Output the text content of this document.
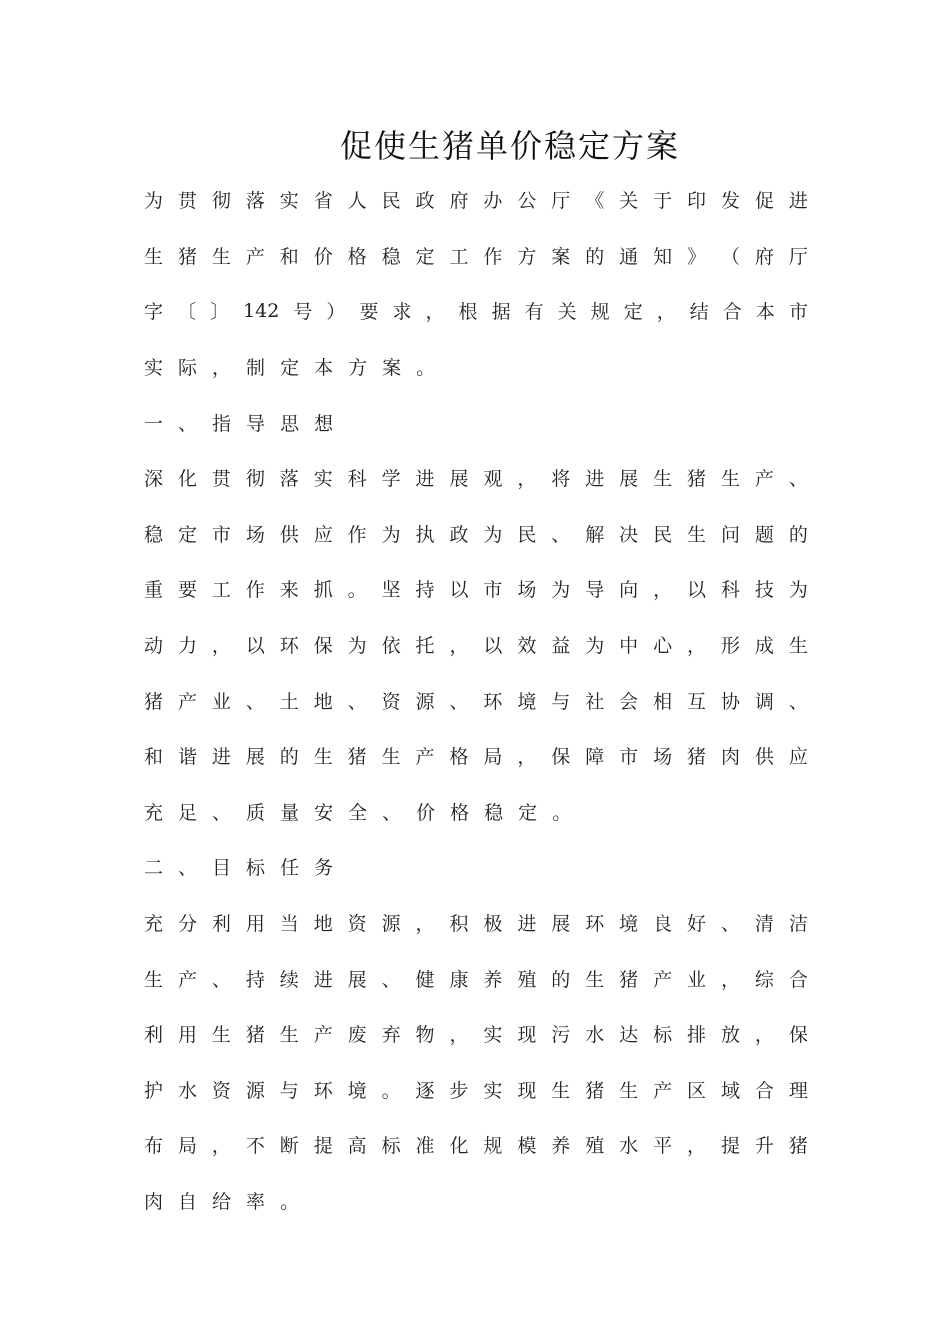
促使生猪单价稳定方案
为 贯 彻 落 实 省 人 民 政 府 办 公 厅 《 关 于 印 发 促 进
生 猪 生 产 和 价 格 稳 定 工 作 方 案 的 通 知 》 （ 府 厅
字 〔 〕 142 号 ） 要 求 ， 根 据 有 关 规 定 ， 结 合 本 市
实 际 ， 制 定 本 方 案 。
一 、 指 导 思 想
深 化 贯 彻 落 实 科 学 进 展 观 ， 将 进 展 生 猪 生 产 、
稳 定 市 场 供 应 作 为 执 政 为 民 、 解 决 民 生 问 题 的
重 要 工 作 来 抓 。 坚 持 以 市 场 为 导 向 ， 以 科 技 为
动 力 ， 以 环 保 为 依 托 ， 以 效 益 为 中 心 ， 形 成 生
猪 产 业 、 土 地 、 资 源 、 环 境 与 社 会 相 互 协 调 、
和 谐 进 展 的 生 猪 生 产 格 局 ， 保 障 市 场 猪 肉 供 应
充 足 、 质 量 安 全 、 价 格 稳 定 。
二 、 目 标 任 务
充 分 利 用 当 地 资 源 ， 积 极 进 展 环 境 良 好 、 清 洁
生 产 、 持 续 进 展 、 健 康 养 殖 的 生 猪 产 业 ， 综 合
利 用 生 猪 生 产 废 弃 物 ， 实 现 污 水 达 标 排 放 ， 保
护 水 资 源 与 环 境 。 逐 步 实 现 生 猪 生 产 区 域 合 理
布 局 ， 不 断 提 高 标 准 化 规 模 养 殖 水 平 ， 提 升 猪
肉 自 给 率 。
